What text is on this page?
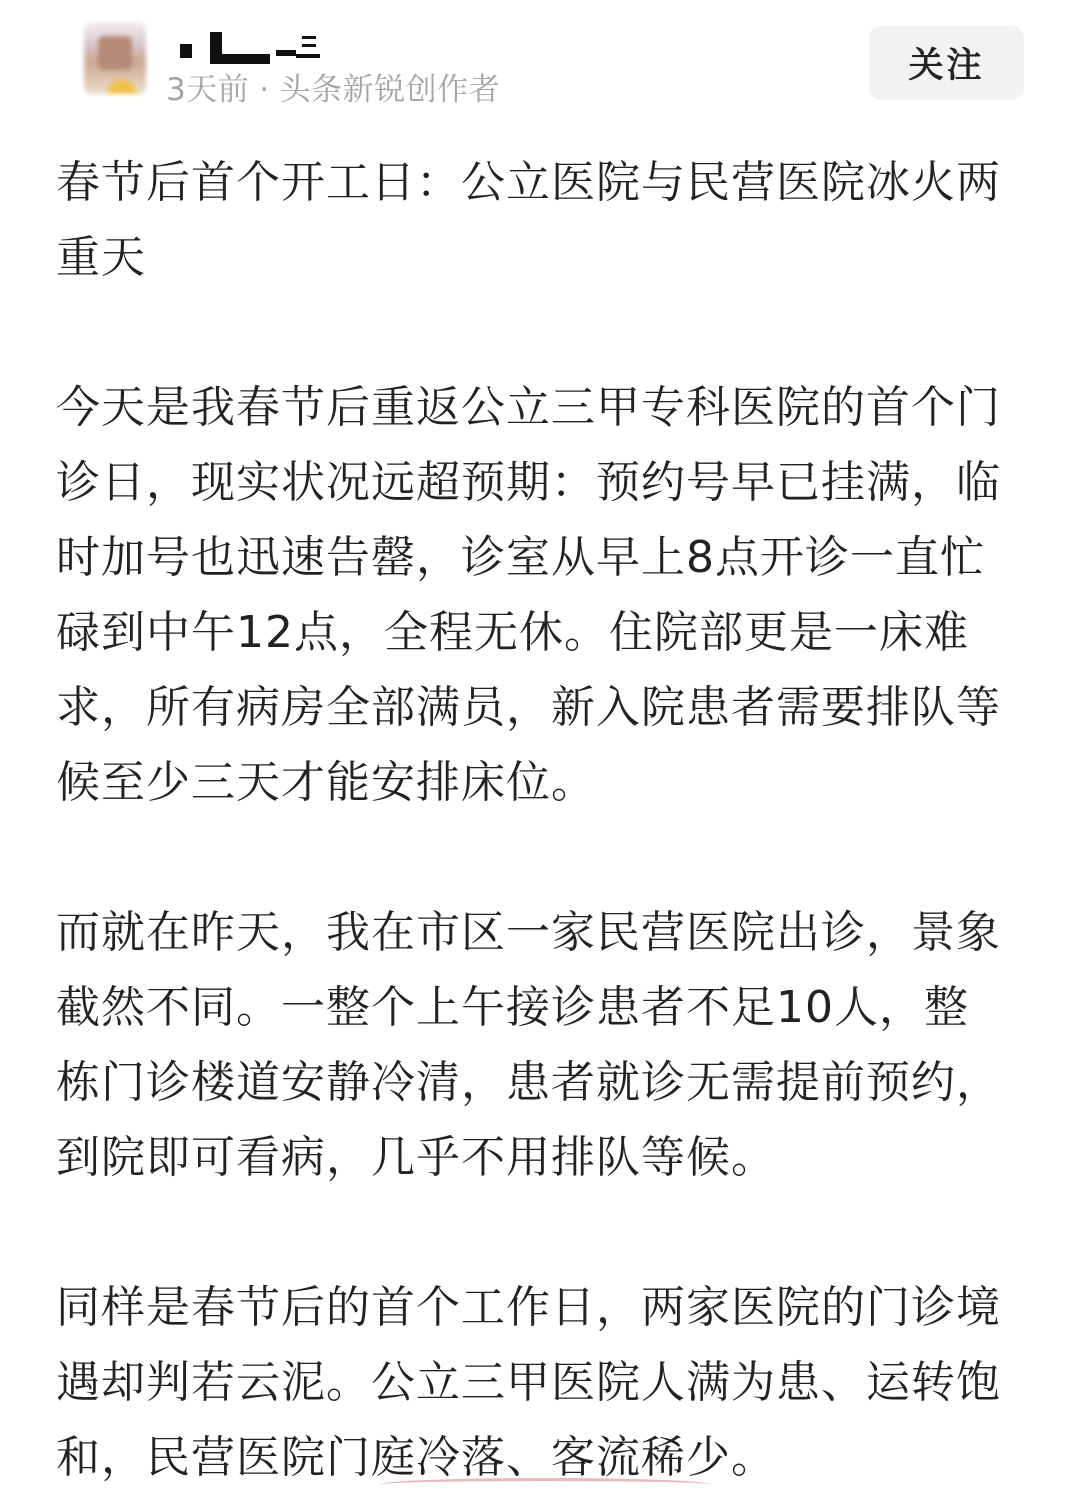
3天前 · 头条新锐创作者
关注

春节后首个开工日：公立医院与民营医院冰火两重天

今天是我春节后重返公立三甲专科医院的首个门诊日，现实状况远超预期：预约号早已挂满，临时加号也迅速告罄，诊室从早上8点开诊一直忙碌到中午12点，全程无休。住院部更是一床难求，所有病房全部满员，新入院患者需要排队等候至少三天才能安排床位。

而就在昨天，我在市区一家民营医院出诊，景象截然不同。一整个上午接诊患者不足10人，整栋门诊楼道安静冷清，患者就诊无需提前预约，到院即可看病，几乎不用排队等候。

同样是春节后的首个工作日，两家医院的门诊境遇却判若云泥。公立三甲医院人满为患、运转饱和，民营医院门庭冷落、客流稀少。
